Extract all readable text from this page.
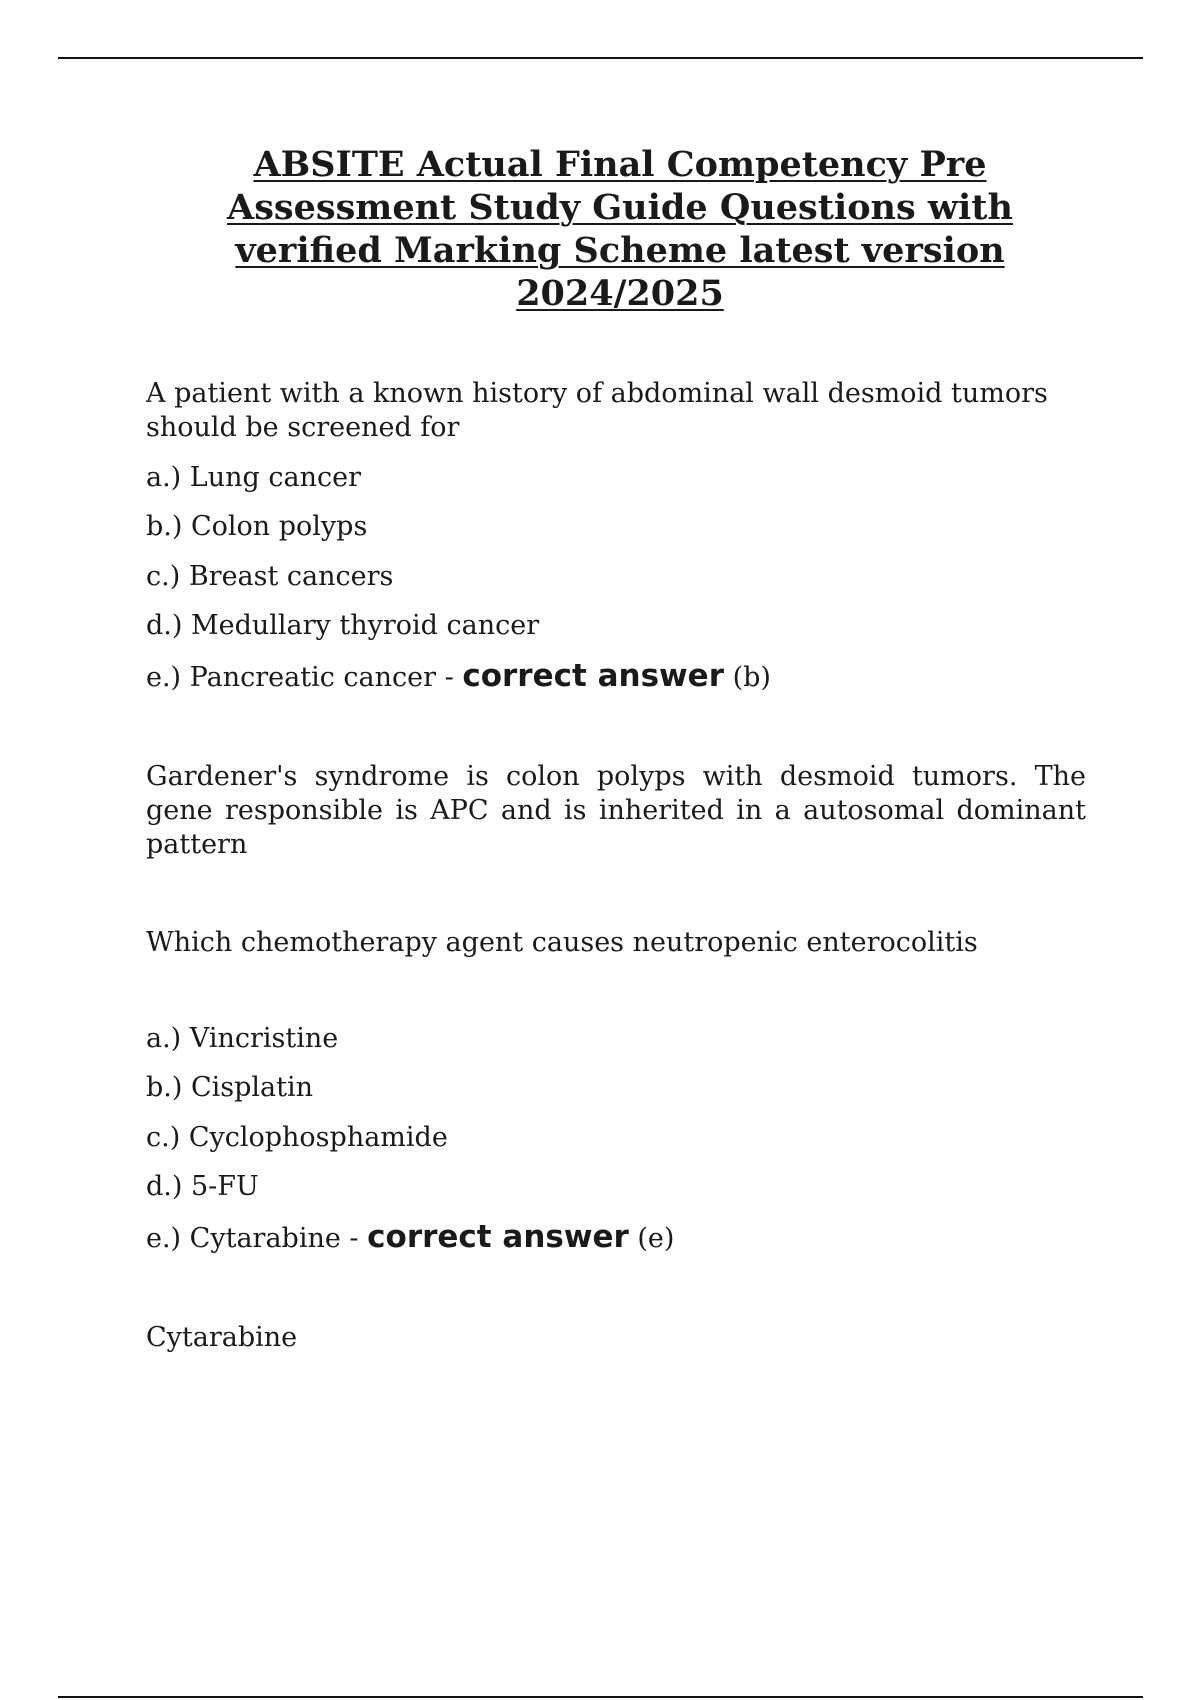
ABSITE Actual Final Competency Pre Assessment Study Guide Questions with verified Marking Scheme latest version 2024/2025

A patient with a known history of abdominal wall desmoid tumors should be screened for

a.) Lung cancer
b.) Colon polyps
c.) Breast cancers
d.) Medullary thyroid cancer
e.) Pancreatic cancer - correct answer (b)

Gardener's syndrome is colon polyps with desmoid tumors. The gene responsible is APC and is inherited in a autosomal dominant pattern

Which chemotherapy agent causes neutropenic enterocolitis

a.) Vincristine
b.) Cisplatin
c.) Cyclophosphamide
d.) 5-FU
e.) Cytarabine - correct answer (e)

Cytarabine
